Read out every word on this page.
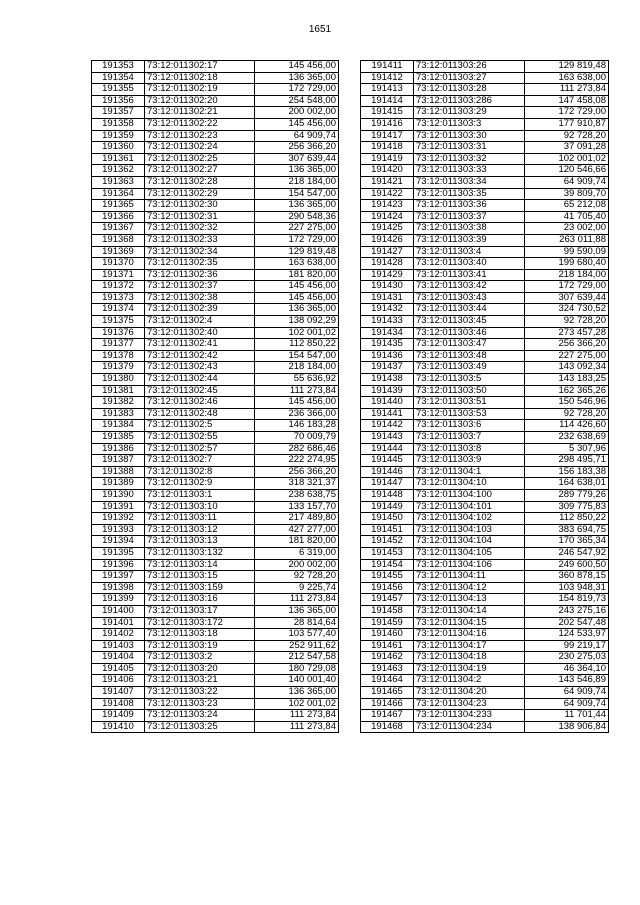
1651
191353	73:12:011302:17	145 456,00
191354	73:12:011302:18	136 365,00
191355	73:12:011302:19	172 729,00
191356	73:12:011302:20	254 548,00
191357	73:12:011302:21	200 002,00
191358	73:12:011302:22	145 456,00
191359	73:12:011302:23	64 909,74
191360	73:12:011302:24	256 366,20
191361	73:12:011302:25	307 639,44
191362	73:12:011302:27	136 365,00
191363	73:12:011302:28	218 184,00
191364	73:12:011302:29	154 547,00
191365	73:12:011302:30	136 365,00
191366	73:12:011302:31	290 548,36
191367	73:12:011302:32	227 275,00
191368	73:12:011302:33	172 729,00
191369	73:12:011302:34	129 819,48
191370	73:12:011302:35	163 638,00
191371	73:12:011302:36	181 820,00
191372	73:12:011302:37	145 456,00
191373	73:12:011302:38	145 456,00
191374	73:12:011302:39	136 365,00
191375	73:12:011302:4	138 092,29
191376	73:12:011302:40	102 001,02
191377	73:12:011302:41	112 850,22
191378	73:12:011302:42	154 547,00
191379	73:12:011302:43	218 184,00
191380	73:12:011302:44	55 636,92
191381	73:12:011302:45	111 273,84
191382	73:12:011302:46	145 456,00
191383	73:12:011302:48	236 366,00
191384	73:12:011302:5	146 183,28
191385	73:12:011302:55	70 009,79
191386	73:12:011302:57	282 686,46
191387	73:12:011302:7	222 274,95
191388	73:12:011302:8	256 366,20
191389	73:12:011302:9	318 321,37
191390	73:12:011303:1	238 638,75
191391	73:12:011303:10	133 157,70
191392	73:12:011303:11	217 489,80
191393	73:12:011303:12	427 277,00
191394	73:12:011303:13	181 820,00
191395	73:12:011303:132	6 319,00
191396	73:12:011303:14	200 002,00
191397	73:12:011303:15	92 728,20
191398	73:12:011303:159	9 225,74
191399	73:12:011303:16	111 273,84
191400	73:12:011303:17	136 365,00
191401	73:12:011303:172	28 814,64
191402	73:12:011303:18	103 577,40
191403	73:12:011303:19	252 911,62
191404	73:12:011303:2	212 547,58
191405	73:12:011303:20	180 729,08
191406	73:12:011303:21	140 001,40
191407	73:12:011303:22	136 365,00
191408	73:12:011303:23	102 001,02
191409	73:12:011303:24	111 273,84
191410	73:12:011303:25	111 273,84
191411	73:12:011303:26	129 819,48
191412	73:12:011303:27	163 638,00
191413	73:12:011303:28	111 273,84
191414	73:12:011303:286	147 458,08
191415	73:12:011303:29	172 729,00
191416	73:12:011303:3	177 910,87
191417	73:12:011303:30	92 728,20
191418	73:12:011303:31	37 091,28
191419	73:12:011303:32	102 001,02
191420	73:12:011303:33	120 546,66
191421	73:12:011303:34	64 909,74
191422	73:12:011303:35	39 809,70
191423	73:12:011303:36	65 212,08
191424	73:12:011303:37	41 705,40
191425	73:12:011303:38	23 002,00
191426	73:12:011303:39	263 011,88
191427	73:12:011303:4	99 590,09
191428	73:12:011303:40	199 680,40
191429	73:12:011303:41	218 184,00
191430	73:12:011303:42	172 729,00
191431	73:12:011303:43	307 639,44
191432	73:12:011303:44	324 730,52
191433	73:12:011303:45	92 728,20
191434	73:12:011303:46	273 457,28
191435	73:12:011303:47	256 366,20
191436	73:12:011303:48	227 275,00
191437	73:12:011303:49	143 092,34
191438	73:12:011303:5	143 183,25
191439	73:12:011303:50	162 365,26
191440	73:12:011303:51	150 546,96
191441	73:12:011303:53	92 728,20
191442	73:12:011303:6	114 426,60
191443	73:12:011303:7	232 638,69
191444	73:12:011303:8	5 307,96
191445	73:12:011303:9	298 495,71
191446	73:12:011304:1	156 183,38
191447	73:12:011304:10	164 638,01
191448	73:12:011304:100	289 779,26
191449	73:12:011304:101	309 775,83
191450	73:12:011304:102	112 850,22
191451	73:12:011304:103	383 694,75
191452	73:12:011304:104	170 365,34
191453	73:12:011304:105	246 547,92
191454	73:12:011304:106	249 600,50
191455	73:12:011304:11	360 878,15
191456	73:12:011304:12	103 948,31
191457	73:12:011304:13	154 819,73
191458	73:12:011304:14	243 275,16
191459	73:12:011304:15	202 547,48
191460	73:12:011304:16	124 533,97
191461	73:12:011304:17	99 219,17
191462	73:12:011304:18	230 275,03
191463	73:12:011304:19	46 364,10
191464	73:12:011304:2	143 546,89
191465	73:12:011304:20	64 909,74
191466	73:12:011304:23	64 909,74
191467	73:12:011304:233	11 701,44
191468	73:12:011304:234	138 906,84
